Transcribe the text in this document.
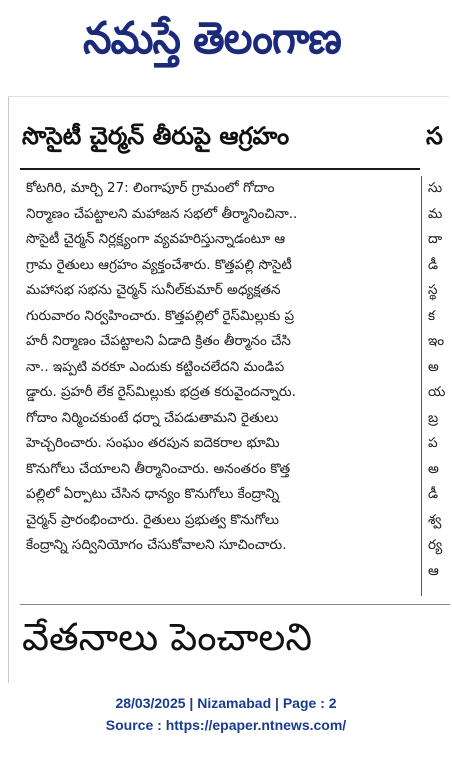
నమస్తే తెలంగాణ
సొసైటీ చైర్మన్ తీరుపై ఆగ్రహం	స
కోటగిరి, మార్చి 27: లింగాపూర్ గ్రామంలో గోదాం
నిర్మాణం చేపట్టాలని మహాజన సభలో తీర్మానించినా..
సొసైటీ చైర్మన్ నిర్లక్ష్యంగా వ్యవహరిస్తున్నాడంటూ ఆ
గ్రామ రైతులు ఆగ్రహం వ్యక్తంచేశారు. కొత్తపల్లి సొసైటీ
మహాసభ సభను చైర్మన్ సునీల్‌కుమార్ అధ్యక్షతన
గురువారం నిర్వహించారు. కొత్తపల్లిలో రైస్‌మిల్లుకు ప్ర
హరీ నిర్మాణం చేపట్టాలని ఏడాది క్రితం తీర్మానం చేసి
నా.. ఇప్పటి వరకూ ఎందుకు కట్టించలేదని మండిప
డ్డారు. ప్రహరీ లేక రైస్‌మిల్లుకు భద్రత కరువైందన్నారు.
గోదాం నిర్మించకుంటే ధర్నా చేపడుతామని రైతులు
హెచ్చరించారు. సంఘం తరపున ఐదెకరాల భూమి
కొనుగోలు చేయాలని తీర్మానించారు. అనంతరం కొత్త
పల్లిలో ఏర్పాటు చేసిన ధాన్యం కొనుగోలు కేంద్రాన్ని
చైర్మన్ ప్రారంభించారు. రైతులు ప్రభుత్వ కొనుగోలు
కేంద్రాన్ని సద్వినియోగం చేసుకోవాలని సూచించారు.
సు
మ
దా
డీ
స్థ
క
ఇం
అ
య
బ్ర
ప
అ
డీ
శ్వ
ర్య
ఆ
వేతనాలు పెంచాలని
28/03/2025 | Nizamabad | Page : 2
Source : https://epaper.ntnews.com/
